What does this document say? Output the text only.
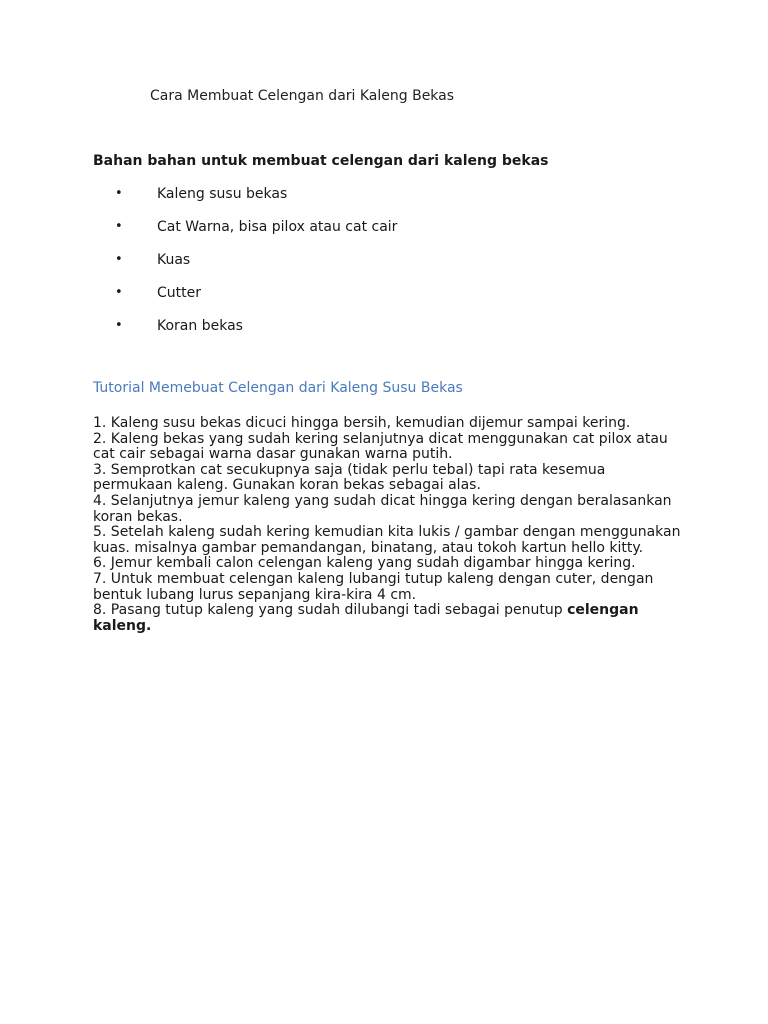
Cara Membuat Celengan dari Kaleng Bekas
Bahan bahan untuk membuat celengan dari kaleng bekas
• Kaleng susu bekas
• Cat Warna, bisa pilox atau cat cair
• Kuas
• Cutter
• Koran bekas
Tutorial Memebuat Celengan dari Kaleng Susu Bekas

1. Kaleng susu bekas dicuci hingga bersih, kemudian dijemur sampai kering.

2. Kaleng bekas yang sudah kering selanjutnya dicat menggunakan cat pilox atau cat cair sebagai warna dasar gunakan warna putih.

3. Semprotkan cat secukupnya saja (tidak perlu tebal) tapi rata kesemua permukaan kaleng. Gunakan koran bekas sebagai alas.

4. Selanjutnya jemur kaleng yang sudah dicat hingga kering dengan beralasankan koran bekas.

5. Setelah kaleng sudah kering kemudian kita lukis / gambar dengan menggunakan kuas. misalnya gambar pemandangan, binatang, atau tokoh kartun hello kitty.

6. Jemur kembali calon celengan kaleng yang sudah digambar hingga kering.

7. Untuk membuat celengan kaleng lubangi tutup kaleng dengan cuter, dengan bentuk lubang lurus sepanjang kira-kira 4 cm.

8. Pasang tutup kaleng yang sudah dilubangi tadi sebagai penutup celengan kaleng.
